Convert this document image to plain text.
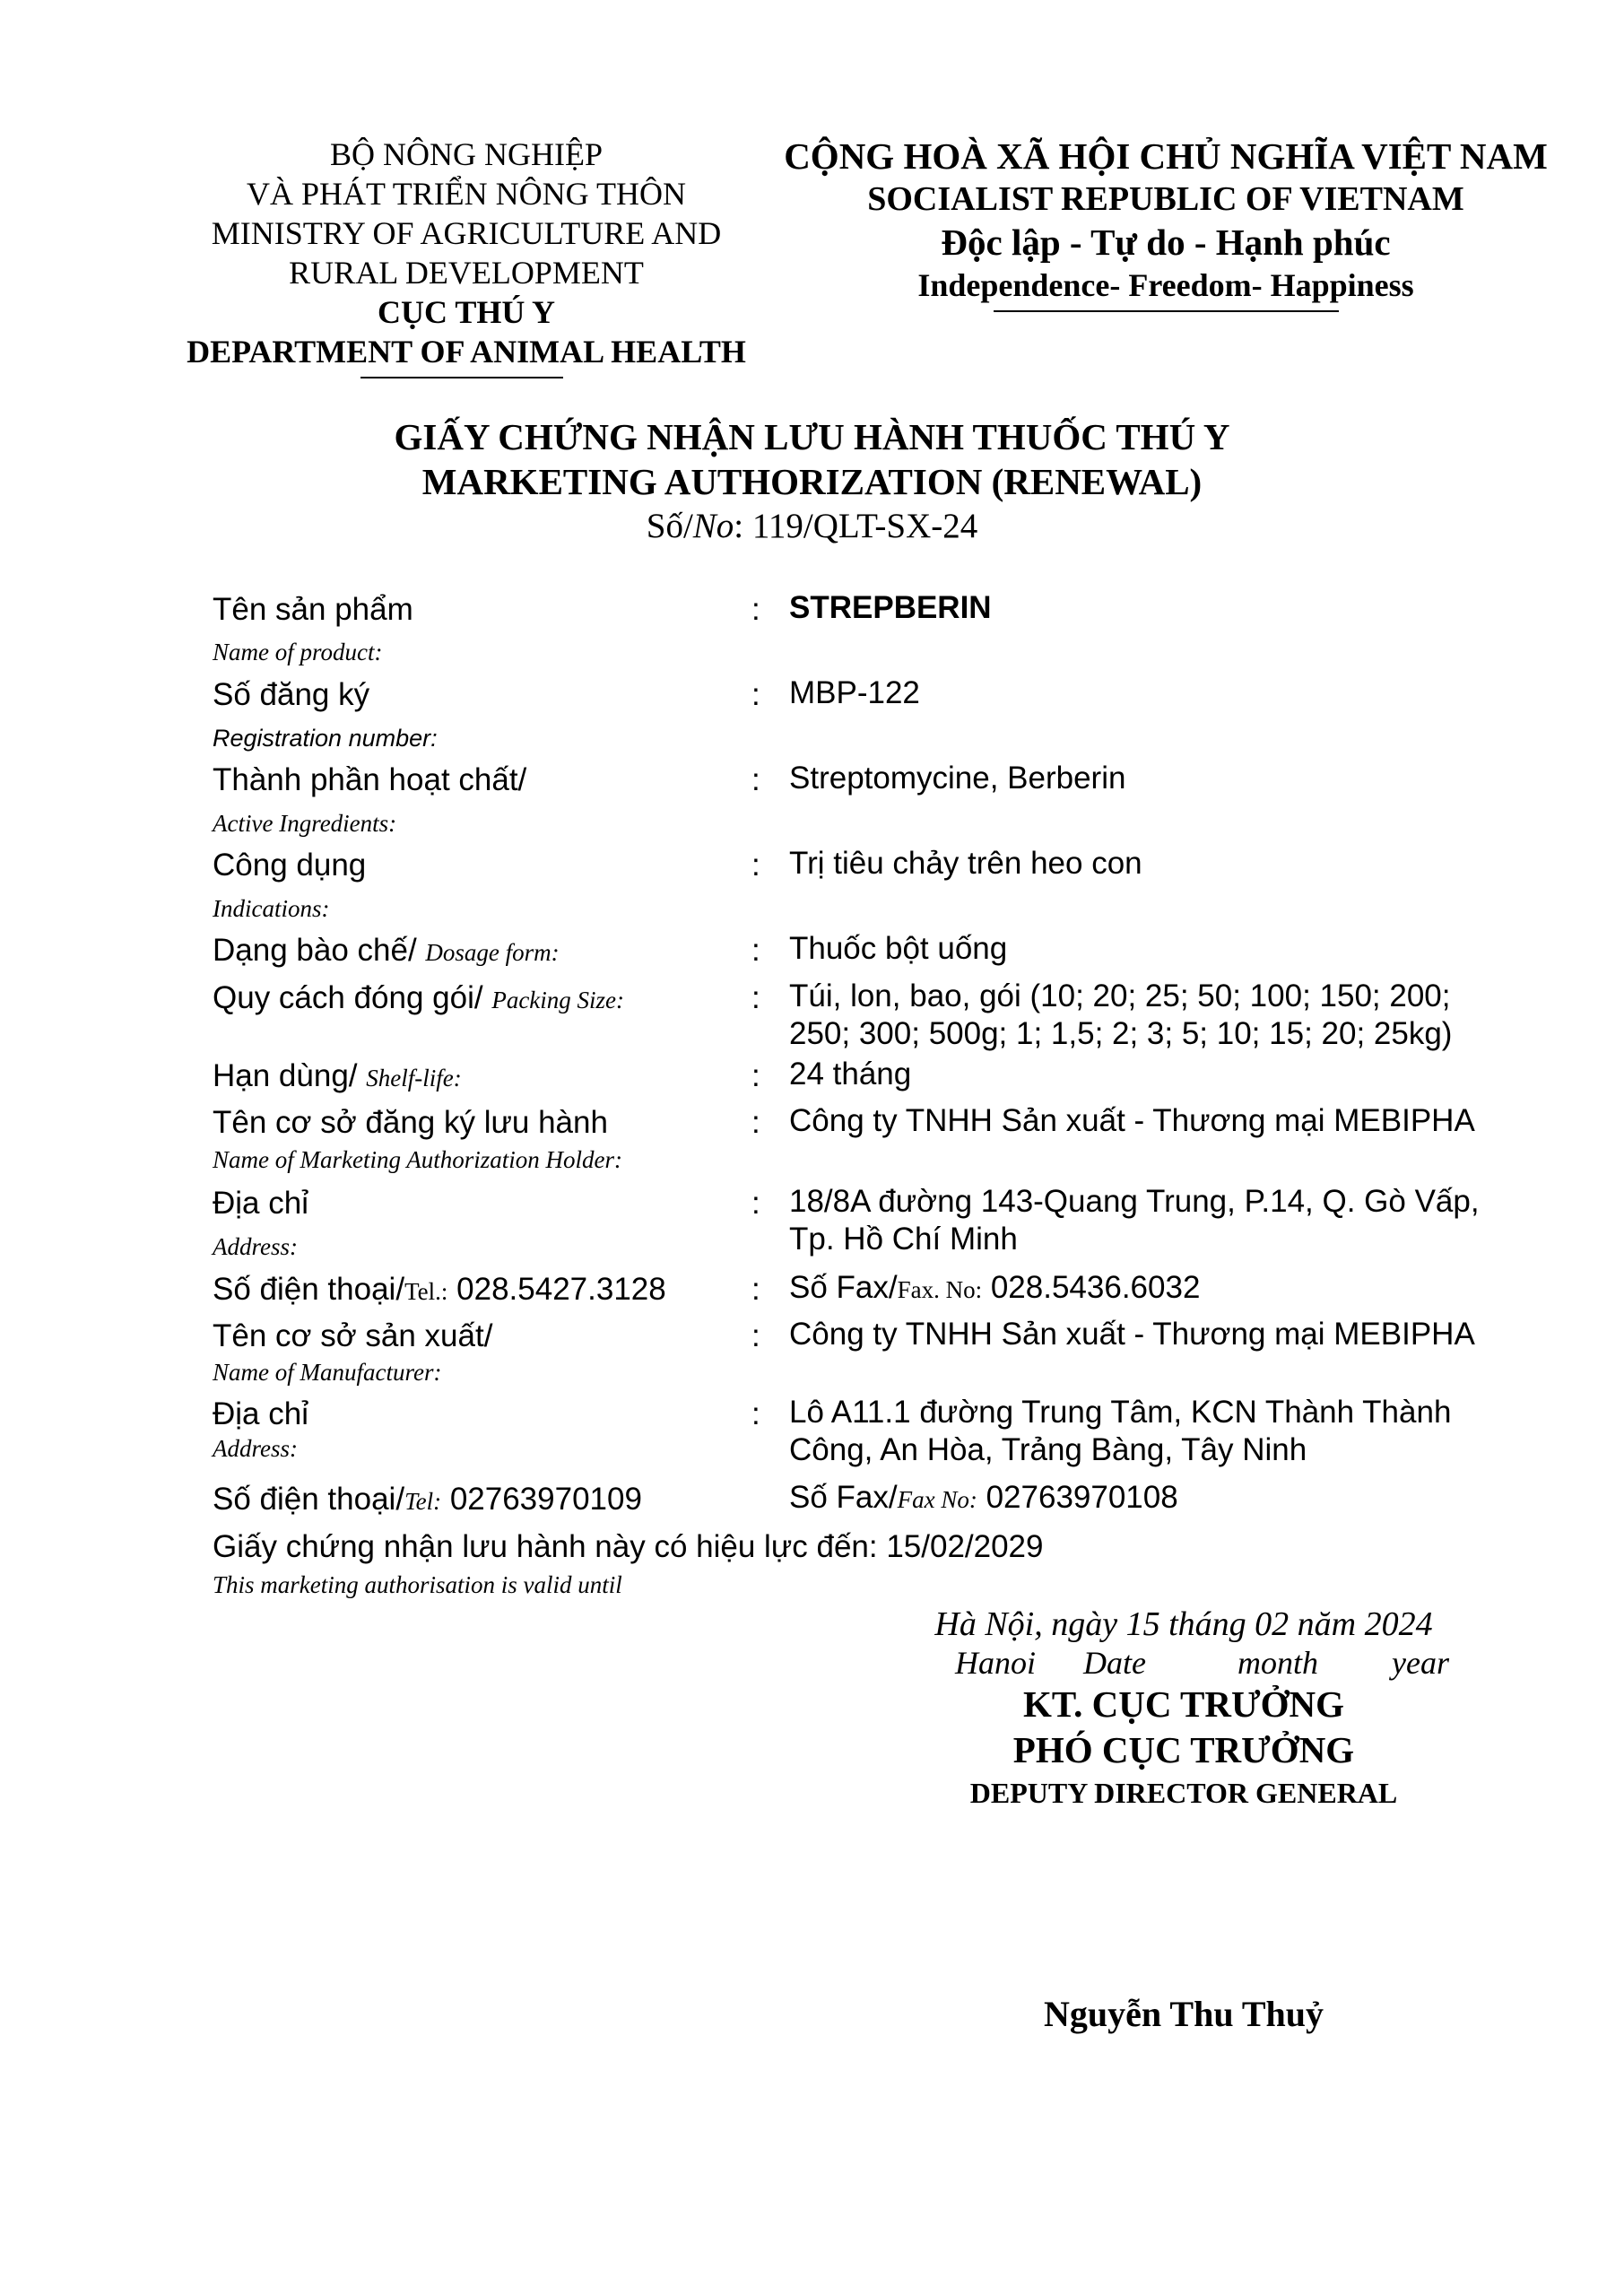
BỘ NÔNG NGHIỆP
VÀ PHÁT TRIỂN NÔNG THÔN
MINISTRY OF AGRICULTURE AND
RURAL DEVELOPMENT
CỤC THÚ Y
DEPARTMENT OF ANIMAL HEALTH
CỘNG HOÀ XÃ HỘI CHỦ NGHĨA VIỆT NAM
SOCIALIST REPUBLIC OF VIETNAM
Độc lập - Tự do - Hạnh phúc
Independence- Freedom- Happiness
GIẤY CHỨNG NHẬN LƯU HÀNH THUỐC THÚ Y
MARKETING AUTHORIZATION (RENEWAL)
Số/No: 119/QLT-SX-24
Tên sản phẩm
Name of product:
: STREPBERIN
Số đăng ký
Registration number:
: MBP-122
Thành phần hoạt chất/
Active Ingredients:
: Streptomycine, Berberin
Công dụng
Indications:
: Trị tiêu chảy trên heo con
Dạng bào chế/ Dosage form:	: Thuốc bột uống
Quy cách đóng gói/ Packing Size:	: Túi, lon, bao, gói (10; 20; 25; 50; 100; 150; 200;
250; 300; 500g; 1; 1,5; 2; 3; 5; 10; 15; 20; 25kg)
Hạn dùng/ Shelf-life:	: 24 tháng
Tên cơ sở đăng ký lưu hành
Name of Marketing Authorization Holder:
: Công ty TNHH Sản xuất - Thương mại MEBIPHA
Địa chỉ
Address:
: 18/8A đường 143-Quang Trung, P.14, Q. Gò Vấp,
Tp. Hồ Chí Minh
Số điện thoại/Tel.: 028.5427.3128	: Số Fax/Fax. No: 028.5436.6032
Tên cơ sở sản xuất/
Name of Manufacturer:
: Công ty TNHH Sản xuất - Thương mại MEBIPHA
Địa chỉ
Address:
: Lô A11.1 đường Trung Tâm, KCN Thành Thành
Công, An Hòa, Trảng Bàng, Tây Ninh
Số điện thoại/Tel: 02763970109	Số Fax/Fax No: 02763970108
Giấy chứng nhận lưu hành này có hiệu lực đến: 15/02/2029
This marketing authorisation is valid until
Hà Nội, ngày 15 tháng 02 năm 2024
Hanoi Date	month year
KT. CỤC TRƯỞNG
PHÓ CỤC TRƯỞNG
DEPUTY DIRECTOR GENERAL
Nguyễn Thu Thuỷ
